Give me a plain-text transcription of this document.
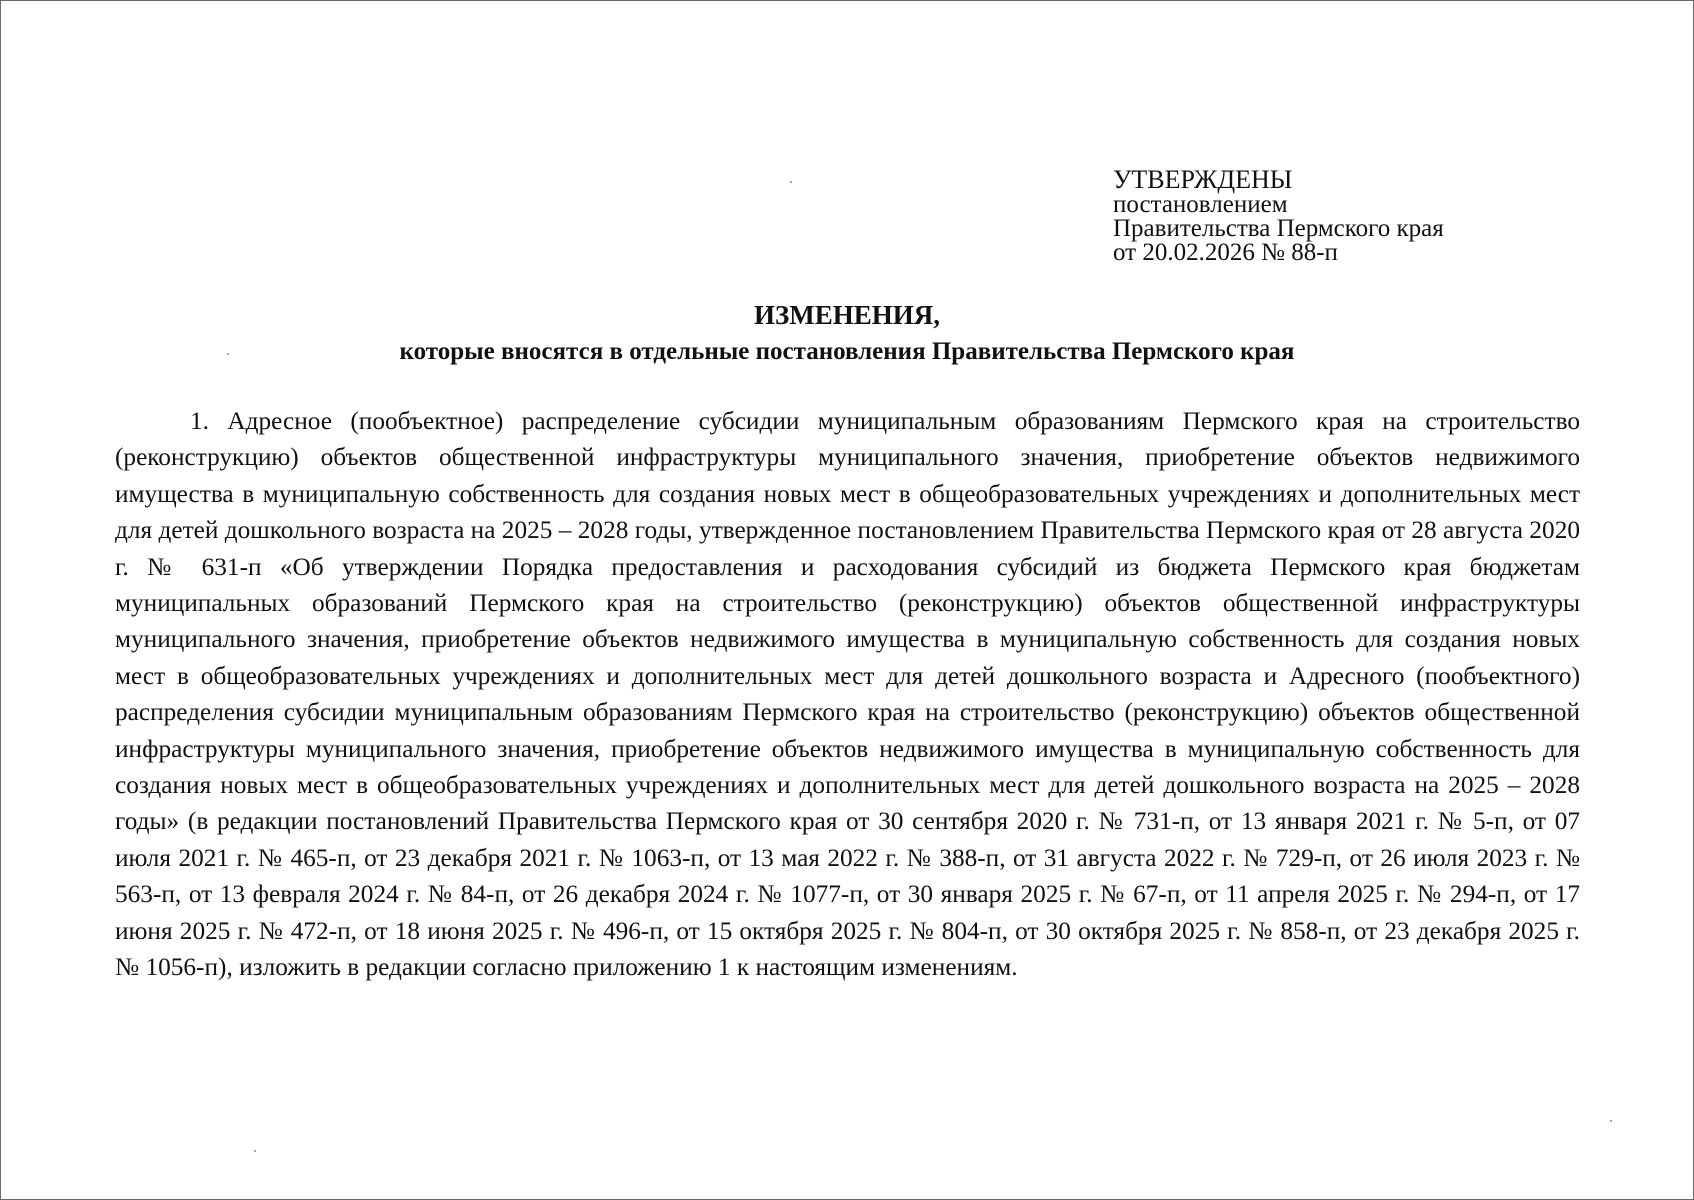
УТВЕРЖДЕНЫ
постановлением
Правительства Пермского края
от 20.02.2026 № 88-п
ИЗМЕНЕНИЯ,
которые вносятся в отдельные постановления Правительства Пермского края

1. Адресное (пообъектное) распределение субсидии муниципальным образованиям Пермского края на строительство (реконструкцию) объектов общественной инфраструктуры муниципального значения, приобретение объектов недвижимого имущества в муниципальную собственность для создания новых мест в общеобразовательных учреждениях и дополнительных мест для детей дошкольного возраста на 2025 – 2028 годы, утвержденное постановлением Правительства Пермского края от 28 августа 2020 г. № 631-п «Об утверждении Порядка предоставления и расходования субсидий из бюджета Пермского края бюджетам муниципальных образований Пермского края на строительство (реконструкцию) объектов общественной инфраструктуры муниципального значения, приобретение объектов недвижимого имущества в муниципальную собственность для создания новых мест в общеобразовательных учреждениях и дополнительных мест для детей дошкольного возраста и Адресного (пообъектного) распределения субсидии муниципальным образованиям Пермского края на строительство (реконструкцию) объектов общественной инфраструктуры муниципального значения, приобретение объектов недвижимого имущества в муниципальную собственность для создания новых мест в общеобразовательных учреждениях и дополнительных мест для детей дошкольного возраста на 2025 – 2028 годы» (в редакции постановлений Правительства Пермского края от 30 сентября 2020 г. № 731-п, от 13 января 2021 г. № 5-п, от 07 июля 2021 г. № 465-п, от 23 декабря 2021 г. № 1063-п, от 13 мая 2022 г. № 388-п, от 31 августа 2022 г. № 729-п, от 26 июля 2023 г. № 563-п, от 13 февраля 2024 г. № 84-п, от 26 декабря 2024 г. № 1077-п, от 30 января 2025 г. № 67-п, от 11 апреля 2025 г. № 294-п, от 17 июня 2025 г. № 472-п, от 18 июня 2025 г. № 496-п, от 15 октября 2025 г. № 804-п, от 30 октября 2025 г. № 858-п, от 23 декабря 2025 г. № 1056-п), изложить в редакции согласно приложению 1 к настоящим изменениям.
